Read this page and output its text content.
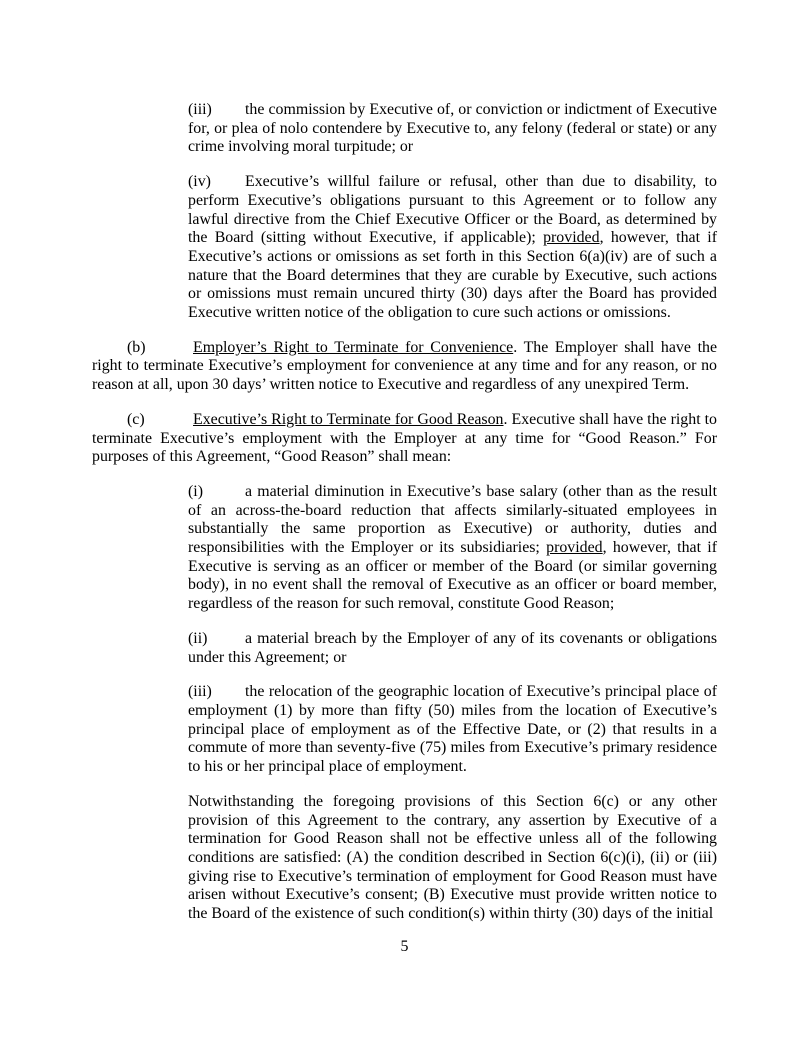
(iii) the commission by Executive of, or conviction or indictment of Executive for, or plea of nolo contendere by Executive to, any felony (federal or state) or any crime involving moral turpitude; or

(iv) Executive’s willful failure or refusal, other than due to disability, to perform Executive’s obligations pursuant to this Agreement or to follow any lawful directive from the Chief Executive Officer or the Board, as determined by the Board (sitting without Executive, if applicable); provided, however, that if Executive’s actions or omissions as set forth in this Section 6(a)(iv) are of such a nature that the Board determines that they are curable by Executive, such actions or omissions must remain uncured thirty (30) days after the Board has provided Executive written notice of the obligation to cure such actions or omissions.

(b)	Employer’s Right to Terminate for Convenience. The Employer shall have the right to terminate Executive’s employment for convenience at any time and for any reason, or no reason at all, upon 30 days’ written notice to Executive and regardless of any unexpired Term.

(c)	Executive’s Right to Terminate for Good Reason. Executive shall have the right to terminate Executive’s employment with the Employer at any time for “Good Reason.” For purposes of this Agreement, “Good Reason” shall mean:

(i)	a material diminution in Executive’s base salary (other than as the result of an across-the-board reduction that affects similarly-situated employees in substantially the same proportion as Executive) or authority, duties and responsibilities with the Employer or its subsidiaries; provided, however, that if Executive is serving as an officer or member of the Board (or similar governing body), in no event shall the removal of Executive as an officer or board member, regardless of the reason for such removal, constitute Good Reason;

(ii) a material breach by the Employer of any of its covenants or obligations under this Agreement; or

(iii) the relocation of the geographic location of Executive’s principal place of employment (1) by more than fifty (50) miles from the location of Executive’s principal place of employment as of the Effective Date, or (2) that results in a commute of more than seventy-five (75) miles from Executive’s primary residence to his or her principal place of employment.

Notwithstanding the foregoing provisions of this Section 6(c) or any other provision of this Agreement to the contrary, any assertion by Executive of a termination for Good Reason shall not be effective unless all of the following conditions are satisfied: (A) the condition described in Section 6(c)(i), (ii) or (iii) giving rise to Executive’s termination of employment for Good Reason must have arisen without Executive’s consent; (B) Executive must provide written notice to the Board of the existence of such condition(s) within thirty (30) days of the initial

5
